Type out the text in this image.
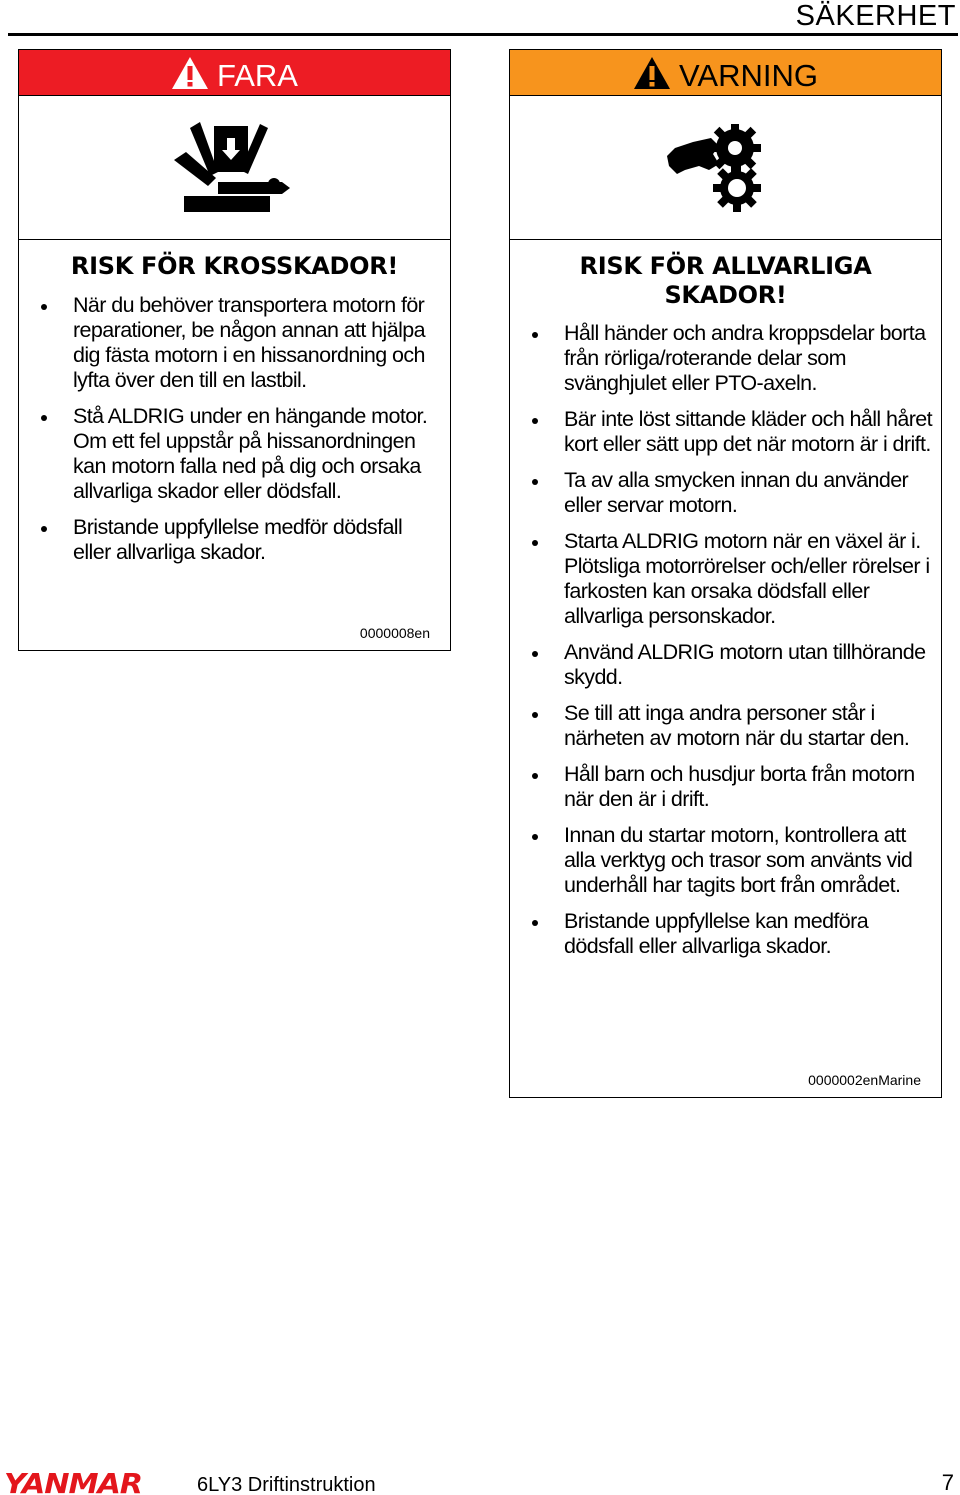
SÄKERHET
FARA
RISK FÖR KROSSKADOR!
När du behöver transportera motorn för reparationer, be någon annan att hjälpa dig fästa motorn i en hissanordning och lyfta över den till en lastbil.
Stå ALDRIG under en hängande motor. Om ett fel uppstår på hissanordningen kan motorn falla ned på dig och orsaka allvarliga skador eller dödsfall.
Bristande uppfyllelse medför dödsfall eller allvarliga skador.
0000008en
VARNING
RISK FÖR ALLVARLIGA
SKADOR!
Håll händer och andra kroppsdelar borta från rörliga/roterande delar som svänghjulet eller PTO-axeln.
Bär inte löst sittande kläder och håll håret kort eller sätt upp det när motorn är i drift.
Ta av alla smycken innan du använder eller servar motorn.
Starta ALDRIG motorn när en växel är i. Plötsliga motorrörelser och/eller rörelser i farkosten kan orsaka dödsfall eller allvarliga personskador.
Använd ALDRIG motorn utan tillhörande skydd.
Se till att inga andra personer står i närheten av motorn när du startar den.
Håll barn och husdjur borta från motorn när den är i drift.
Innan du startar motorn, kontrollera att alla verktyg och trasor som använts vid underhåll har tagits bort från området.
Bristande uppfyllelse kan medföra dödsfall eller allvarliga skador.
0000002enMarine
YANMAR	6LY3 Driftinstruktion	7
